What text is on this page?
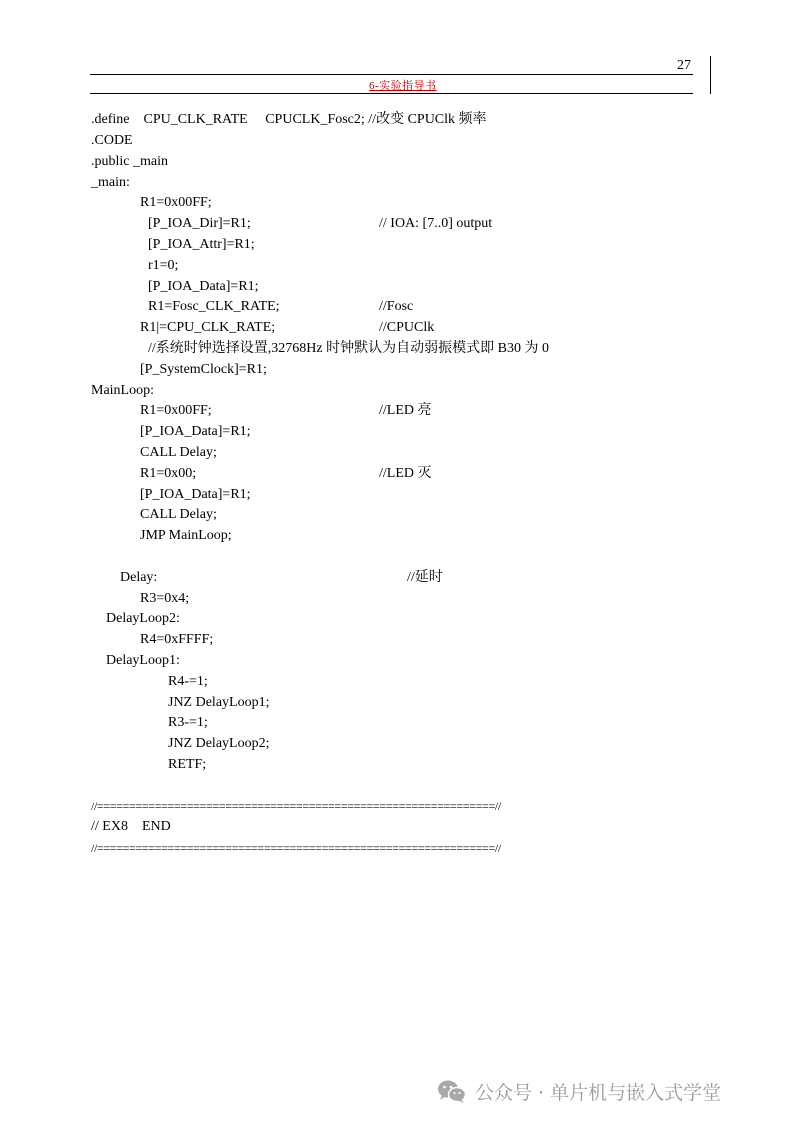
27
6-实验指导书
.define    CPU_CLK_RATE     CPUCLK_Fosc2; //改变 CPUClk 频率
.CODE
.public _main
_main:
R1=0x00FF;
[P_IOA_Dir]=R1;	// IOA: [7..0] output
[P_IOA_Attr]=R1;
r1=0;
[P_IOA_Data]=R1;
R1=Fosc_CLK_RATE;	//Fosc
R1|=CPU_CLK_RATE;	//CPUClk
//系统时钟选择设置,32768Hz 时钟默认为自动弱振模式即 B30 为 0
[P_SystemClock]=R1;
MainLoop:
R1=0x00FF;	//LED 亮
[P_IOA_Data]=R1;
CALL Delay;
R1=0x00;	//LED 灭
[P_IOA_Data]=R1;
CALL Delay;
JMP MainLoop;
Delay:	//延时
R3=0x4;
DelayLoop2:
R4=0xFFFF;
DelayLoop1:
R4-=1;
JNZ DelayLoop1;
R3-=1;
JNZ DelayLoop2;
RETF;
//==============================================================//
// EX8    END
//==============================================================//
公众号 · 单片机与嵌入式学堂
